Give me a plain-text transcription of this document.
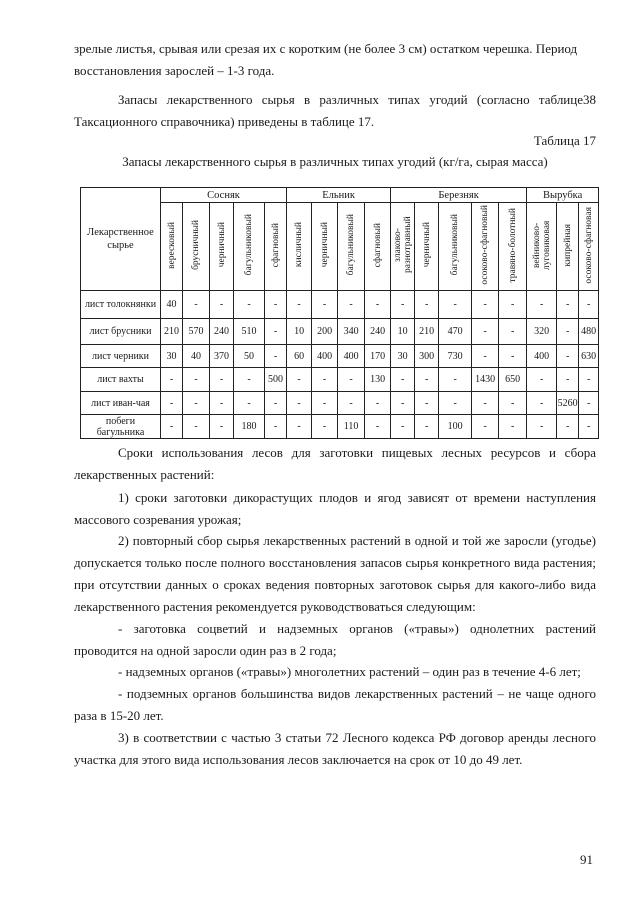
зрелые листья, срывая или срезая их с коротким (не более 3 см) остатком черешка. Период
восстановления зарослей – 1-3 года.
Запасы лекарственного сырья в различных типах угодий (согласно таблице38 Таксационного справочника) приведены в таблице 17.
Таблица 17
Запасы лекарственного сырья в различных типах угодий (кг/га, сырая масса)
Лекарственное сырье	Сосняк					Ельник				Березняк					Вырубка		
	вересковый	брусничный	черничный	багульниковый	сфагновый	кисличный	черничный	багульниковый	сфагновый	злаково-разнотравный	черничный	багульниковый	осоково-сфагновый	травяно-болотный	вейниково-луговиковая	кипрейная	осоково-сфагновая
лист толокнянки	40	-	-	-	-	-	-	-	-	-	-	-	-	-	-	-	-
лист брусники	210	570	240	510	-	10	200	340	240	10	210	470	-	-	320	-	480
лист черники	30	40	370	50	-	60	400	400	170	30	300	730	-	-	400	-	630
лист вахты	-	-	-	-	500	-	-	-	130	-	-	-	1430	650	-	-	-
лист иван-чая	-	-	-	-	-	-	-	-	-	-	-	-	-	-	-	5260	-
побеги багульника	-	-	-	180	-	-	-	110	-	-	-	100	-	-	-	-	-
Сроки использования лесов для заготовки пищевых лесных ресурсов и сбора лекарственных растений:
1) сроки заготовки дикорастущих плодов и ягод зависят от времени наступления массового созревания урожая;
2) повторный сбор сырья лекарственных растений в одной и той же заросли (угодье) допускается только после полного восстановления запасов сырья конкретного вида растения; при отсутствии данных о сроках ведения повторных заготовок сырья для какого-либо вида лекарственного растения рекомендуется руководствоваться следующим:
- заготовка соцветий и надземных органов («травы») однолетних растений проводится на одной заросли один раз в 2 года;
- надземных органов («травы») многолетних растений – один раз в течение 4-6 лет;
- подземных органов большинства видов лекарственных растений – не чаще одного раза в 15-20 лет.
3) в соответствии с частью 3 статьи 72 Лесного кодекса РФ договор аренды лесного участка для этого вида использования лесов заключается на срок от 10 до 49 лет.
91
